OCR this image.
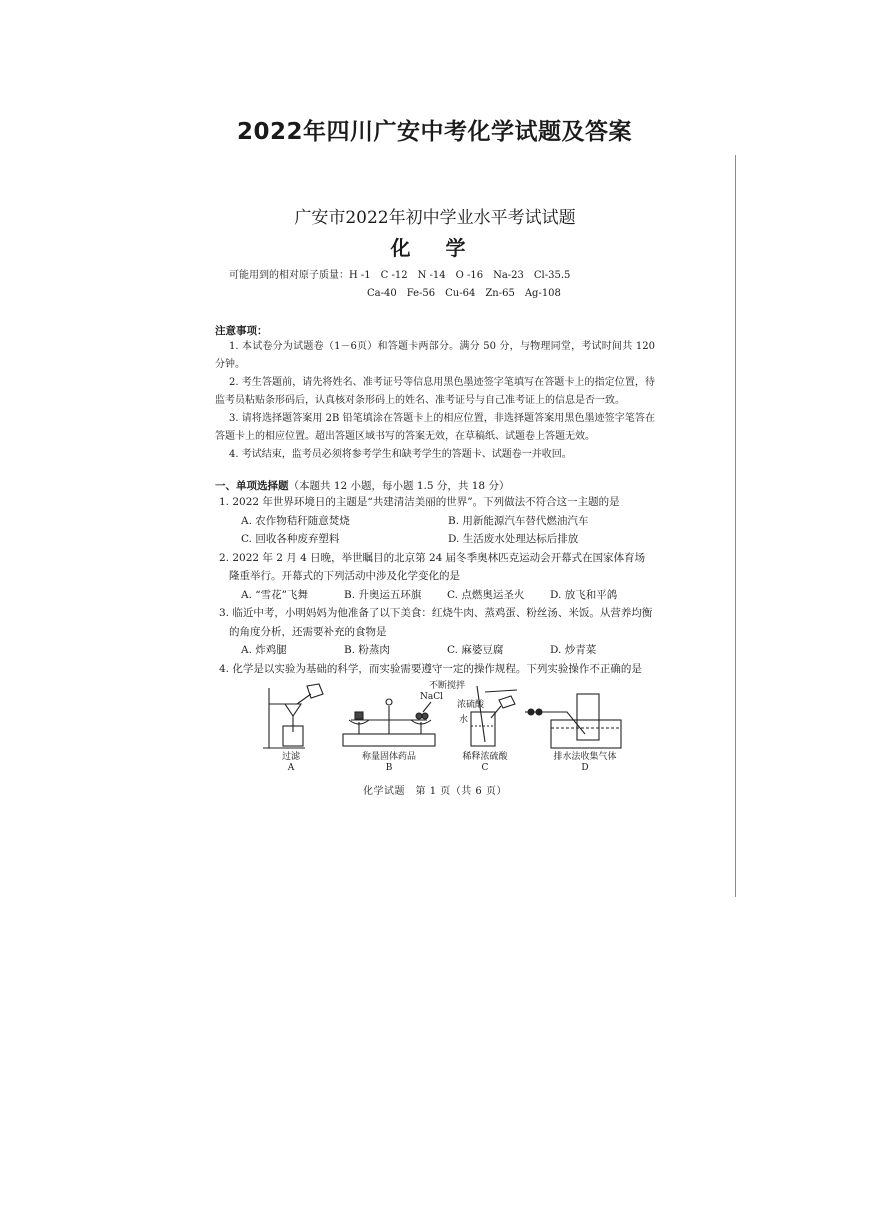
2022年四川广安中考化学试题及答案
广安市2022年初中学业水平考试试题
化 学
可能用到的相对原子质量：H -1　C -12　N -14　O -16　Na-23　Cl-35.5
Ca-40　Fe-56　Cu-64　Zn-65　Ag-108
注意事项：
1. 本试卷分为试题卷（1－6页）和答题卡两部分。满分 50 分，与物理同堂，考试时间共 120 分钟。
2. 考生答题前，请先将姓名、准考证号等信息用黑色墨迹签字笔填写在答题卡上的指定位置，待监考员粘贴条形码后，认真核对条形码上的姓名、准考证号与自己准考证上的信息是否一致。
3. 请将选择题答案用 2B 铅笔填涂在答题卡上的相应位置，非选择题答案用黑色墨迹签字笔答在答题卡上的相应位置。超出答题区域书写的答案无效，在草稿纸、试题卷上答题无效。
4. 考试结束，监考员必须将参考学生和缺考学生的答题卡、试题卷一并收回。
一、单项选择题（本题共 12 小题，每小题 1.5 分，共 18 分）
1. 2022 年世界环境日的主题是“共建清洁美丽的世界”。下列做法不符合这一主题的是
A. 农作物秸秆随意焚烧	B. 用新能源汽车替代燃油汽车
C. 回收各种废弃塑料	D. 生活废水处理达标后排放
2. 2022 年 2 月 4 日晚，举世瞩目的北京第 24 届冬季奥林匹克运动会开幕式在国家体育场隆重举行。开幕式的下列活动中涉及化学变化的是
A. “雪花”飞舞	B. 升奥运五环旗	C. 点燃奥运圣火	D. 放飞和平鸽
3. 临近中考，小明妈妈为他准备了以下美食：红烧牛肉、蒸鸡蛋、粉丝汤、米饭。从营养均衡的角度分析，还需要补充的食物是
A. 炸鸡腿	B. 粉蒸肉	C. 麻婆豆腐	D. 炒青菜
4. 化学是以实验为基础的科学，而实验需要遵守一定的操作规程。下列实验操作不正确的是
不断搅拌
浓硫酸
水
NaCl
过滤
A
称量固体药品
B
稀释浓硫酸
C
排水法收集气体
D
化学试题　第 1 页（共 6 页）
